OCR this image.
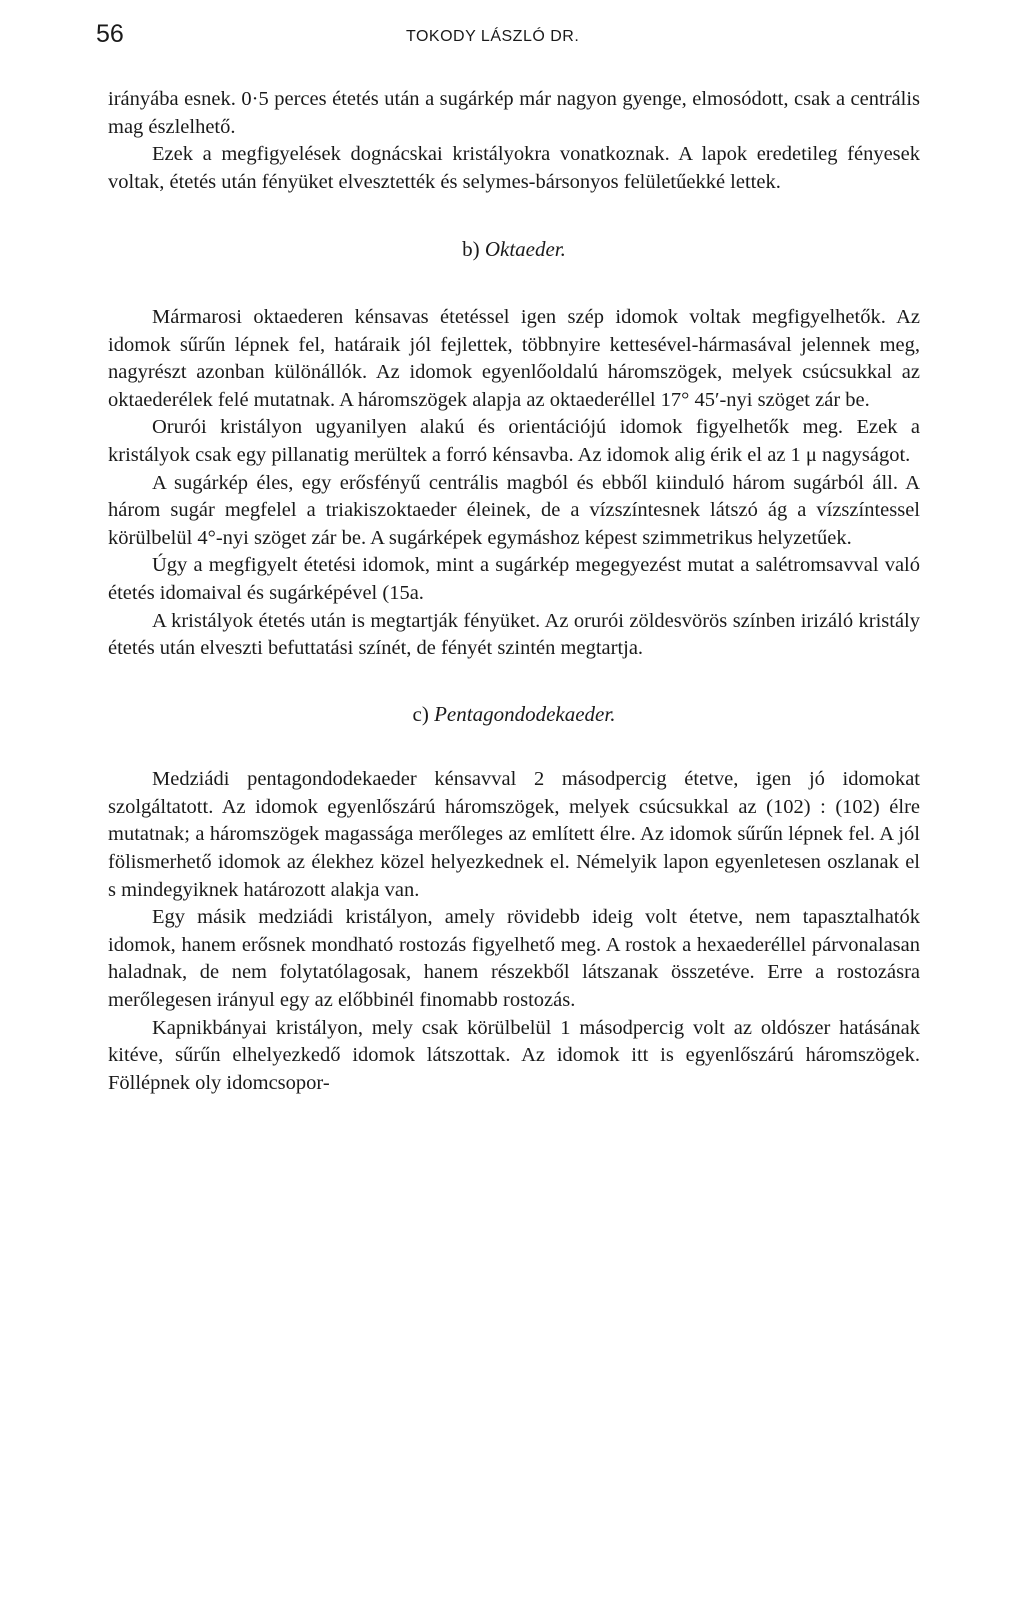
56	TOKODY LÁSZLÓ DR.

irányába esnek. 0·5 perces étetés után a sugárkép már nagyon gyenge, elmosódott, csak a centrális mag észlelhető.

Ezek a megfigyelések dognácskai kristályokra vonatkoznak. A lapok eredetileg fényesek voltak, étetés után fényüket elvesztették és selymes-bársonyos felületűekké lettek.

b) Oktaeder.

Mármarosi oktaederen kénsavas étetéssel igen szép idomok voltak megfigyelhetők. Az idomok sűrűn lépnek fel, határaik jól fejlettek, többnyire kettesével-hármasával jelennek meg, nagyrészt azonban különállók. Az idomok egyenlőoldalú háromszögek, melyek csúcsukkal az oktaederélek felé mutatnak. A háromszögek alapja az oktaederéllel 17° 45′-nyi szöget zár be.

Orurói kristályon ugyanilyen alakú és orientációjú idomok figyelhetők meg. Ezek a kristályok csak egy pillanatig merültek a forró kénsavba. Az idomok alig érik el az 1 μ nagyságot.

A sugárkép éles, egy erősfényű centrális magból és ebből kiinduló három sugárból áll. A három sugár megfelel a triakiszoktaeder éleinek, de a vízszíntesnek látszó ág a vízszíntessel körülbelül 4°-nyi szöget zár be. A sugárképek egymáshoz képest szimmetrikus helyzetűek.

Úgy a megfigyelt étetési idomok, mint a sugárkép megegyezést mutat a salétromsavval való étetés idomaival és sugárképével (15a.

A kristályok étetés után is megtartják fényüket. Az orurói zöldesvörös színben irizáló kristály étetés után elveszti befuttatási színét, de fényét szintén megtartja.

c) Pentagondodekaeder.

Medziádi pentagondodekaeder kénsavval 2 másodpercig étetve, igen jó idomokat szolgáltatott. Az idomok egyenlőszárú háromszögek, melyek csúcsukkal az (102) : (102) élre mutatnak; a háromszögek magassága merőleges az említett élre. Az idomok sűrűn lépnek fel. A jól fölismerhető idomok az élekhez közel helyezkednek el. Némelyik lapon egyenletesen oszlanak el s mindegyiknek határozott alakja van.

Egy másik medziádi kristályon, amely rövidebb ideig volt étetve, nem tapasztalhatók idomok, hanem erősnek mondható rostozás figyelhető meg. A rostok a hexaederéllel párvonalasan haladnak, de nem folytatólagosak, hanem részekből látszanak összetéve. Erre a rostozásra merőlegesen irányul egy az előbbinél finomabb rostozás.

Kapnikbányai kristályon, mely csak körülbelül 1 másodpercig volt az oldószer hatásának kitéve, sűrűn elhelyezkedő idomok látszottak. Az idomok itt is egyenlőszárú háromszögek. Föllépnek oly idomcsopor-
